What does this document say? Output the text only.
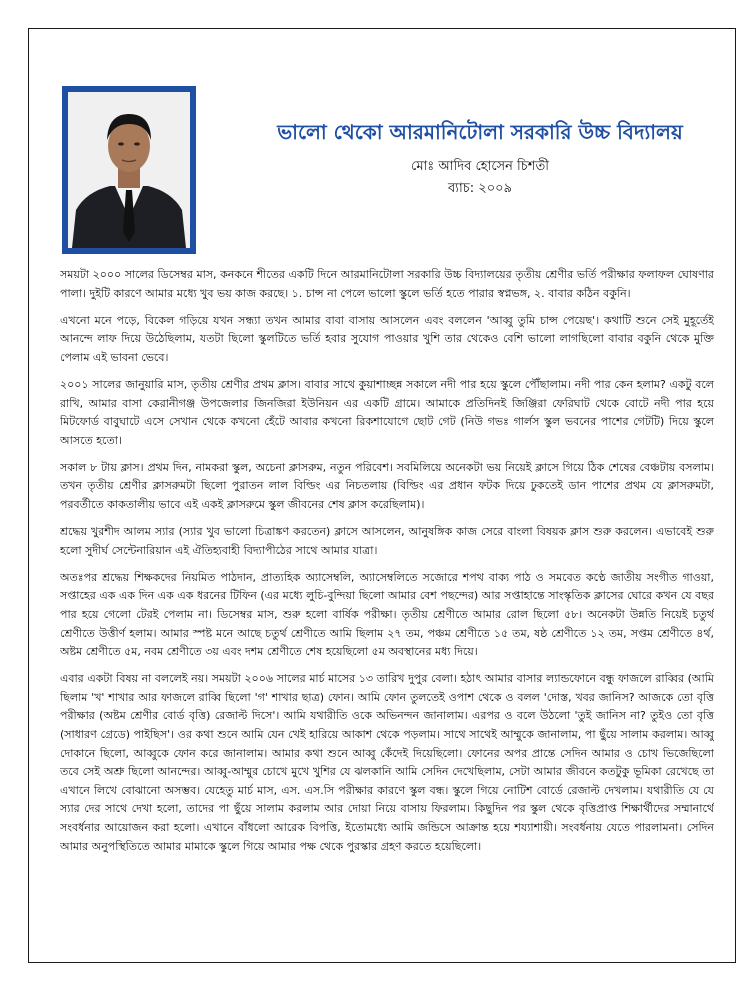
ভালো থেকো আরমানিটোলা সরকারি উচ্চ বিদ্যালয়
মোঃ আদিব হোসেন চিশতী
ব্যাচ: ২০০৯

সময়টা ২০০০ সালের ডিসেম্বর মাস, কনকনে শীতের একটি দিনে আরমানিটোলা সরকারি উচ্চ বিদ্যালয়ের তৃতীয় শ্রেণীর ভর্তি পরীক্ষার ফলাফল ঘোষণার পালা। দুইটি কারণে আমার মধ্যে খুব ভয় কাজ করছে। ১. চান্স না পেলে ভালো স্কুলে ভর্তি হতে পারার স্বপ্নভঙ্গ, ২. বাবার কঠিন বকুনি।

এখনো মনে পড়ে, বিকেল গড়িয়ে যখন সন্ধ্যা তখন আমার বাবা বাসায় আসলেন এবং বললেন 'আব্বু তুমি চান্স পেয়েছ'। কথাটি শুনে সেই মুহূর্তেই আনন্দে লাফ দিয়ে উঠেছিলাম, যতটা ছিলো স্কুলটিতে ভর্তি হবার সুযোগ পাওয়ার খুশি তার থেকেও বেশি ভালো লাগছিলো বাবার বকুনি থেকে মুক্তি পেলাম এই ভাবনা ভেবে।

২০০১ সালের জানুয়ারি মাস, তৃতীয় শ্রেণীর প্রথম ক্লাস। বাবার সাথে কুয়াশাচ্ছন্ন সকালে নদী পার হয়ে স্কুলে পৌঁছালাম। নদী পার কেন হলাম? একটু বলে রাখি, আমার বাসা কেরানীগঞ্জ উপজেলার জিনজিরা ইউনিয়ন এর একটি গ্রামে। আমাকে প্রতিদিনই জিঞ্জিরা ফেরিঘাট থেকে বোটে নদী পার হয়ে মিটফোর্ড বাবুঘাটে এসে সেখান থেকে কখনো হেঁটে আবার কখনো রিকশাযোগে ছোট গেট (নিউ গভঃ গার্লস স্কুল ভবনের পাশের গেটটি) দিয়ে স্কুলে আসতে হতো।

সকাল ৮ টায় ক্লাস। প্রথম দিন, নামকরা স্কুল, অচেনা ক্লাসরুম, নতুন পরিবেশ। সবমিলিয়ে অনেকটা ভয় নিয়েই ক্লাসে গিয়ে ঠিক শেষের বেঞ্চটায় বসলাম। তখন তৃতীয় শ্রেণীর ক্লাসরুমটা ছিলো পুরাতন লাল বিল্ডিং এর নিচতলায় (বিল্ডিং এর প্রধান ফটক দিয়ে ঢুকতেই ডান পাশের প্রথম যে ক্লাসরুমটা, পরবর্তীতে কাকতালীয় ভাবে এই একই ক্লাসরুমে স্কুল জীবনের শেষ ক্লাস করেছিলাম)।

শ্রদ্ধেয় খুরশীদ আলম স্যার (স্যার খুব ভালো চিত্রাঙ্কণ করতেন) ক্লাসে আসলেন, আনুষঙ্গিক কাজ সেরে বাংলা বিষয়ক ক্লাস শুরু করলেন। এভাবেই শুরু হলো সুদীর্ঘ সেন্টেনারিয়ান এই ঐতিহ্যবাহী বিদ্যাপীঠের সাথে আমার যাত্রা।

অতঃপর শ্রদ্ধেয় শিক্ষকদের নিয়মিত পাঠদান, প্রাত্যহিক অ্যাসেম্বলি, অ্যাসেম্বলিতে সজোরে শপথ বাক্য পাঠ ও সমবেত কণ্ঠে জাতীয় সংগীত গাওয়া, সপ্তাহের এক এক দিন এক এক ধরনের টিফিন (এর মধ্যে লুচি-বুন্দিয়া ছিলো আমার বেশ পছন্দের) আর সপ্তাহান্তে সাংস্কৃতিক ক্লাসের ঘোরে কখন যে বছর পার হয়ে গেলো টেরই পেলাম না। ডিসেম্বর মাস, শুরু হলো বার্ষিক পরীক্ষা। তৃতীয় শ্রেণীতে আমার রোল ছিলো ৫৮। অনেকটা উন্নতি নিয়েই চতুর্থ শ্রেণীতে উত্তীর্ণ হলাম। আমার স্পষ্ট মনে আছে চতুর্থ শ্রেণীতে আমি ছিলাম ২৭ তম, পঞ্চম শ্রেণীতে ১৫ তম, ষষ্ঠ শ্রেণীতে ১২ তম, সপ্তম শ্রেণীতে ৪র্থ, অষ্টম শ্রেণীতে ৫ম, নবম শ্রেণীতে ৩য় এবং দশম শ্রেণীতে শেষ হয়েছিলো ৫ম অবস্থানের মধ্য দিয়ে।

এবার একটা বিষয় না বললেই নয়। সময়টা ২০০৬ সালের মার্চ মাসের ১৩ তারিখ দুপুর বেলা। হঠাৎ আমার বাসার ল্যান্ডফোনে বন্ধু ফাজলে রাব্বির (আমি ছিলাম 'খ' শাখার আর ফাজলে রাব্বি ছিলো 'গ' শাখার ছাত্র) ফোন। আমি ফোন তুলতেই ওপাশ থেকে ও বলল 'দোস্ত, খবর জানিস? আজকে তো বৃত্তি পরীক্ষার (অষ্টম শ্রেণীর বোর্ড বৃত্তি) রেজাল্ট দিসে'। আমি যথারীতি ওকে অভিনন্দন জানালাম। এরপর ও বলে উঠলো 'তুই জানিস না? তুইও তো বৃত্তি (সাধারণ গ্রেডে) পাইছিস'। ওর কথা শুনে আমি যেন খেই হারিয়ে আকাশ থেকে পড়লাম। সাথে সাথেই আম্মুকে জানালাম, পা ছুঁয়ে সালাম করলাম। আব্বু দোকানে ছিলো, আব্বুকে ফোন করে জানালাম। আমার কথা শুনে আব্বু কেঁদেই দিয়েছিলো। ফোনের অপর প্রান্তে সেদিন আমার ও চোখ ভিজেছিলো তবে সেই অশ্রু ছিলো আনন্দের। আব্বু-আম্মুর চোখে মুখে খুশির যে ঝলকানি আমি সেদিন দেখেছিলাম, সেটা আমার জীবনে কতটুকু ভূমিকা রেখেছে তা এখানে লিখে বোঝানো অসম্ভব। যেহেতু মার্চ মাস, এস. এস.সি পরীক্ষার কারণে স্কুল বন্ধ। স্কুলে গিয়ে নোটিশ বোর্ডে রেজাল্ট দেখলাম। যথারীতি যে যে স্যার দের সাথে দেখা হলো, তাদের পা ছুঁয়ে সালাম করলাম আর দোয়া নিয়ে বাসায় ফিরলাম। কিছুদিন পর স্কুল থেকে বৃত্তিপ্রাপ্ত শিক্ষার্থীদের সম্মানার্থে সংবর্ধনার আয়োজন করা হলো। এখানে বাঁধলো আরেক বিপত্তি, ইতোমধ্যে আমি জন্ডিসে আক্রান্ত হয়ে শয্যাশায়ী। সংবর্ধনায় যেতে পারলামনা। সেদিন আমার অনুপস্থিতিতে আমার মামাকে স্কুলে গিয়ে আমার পক্ষ থেকে পুরস্কার গ্রহণ করতে হয়েছিলো।
